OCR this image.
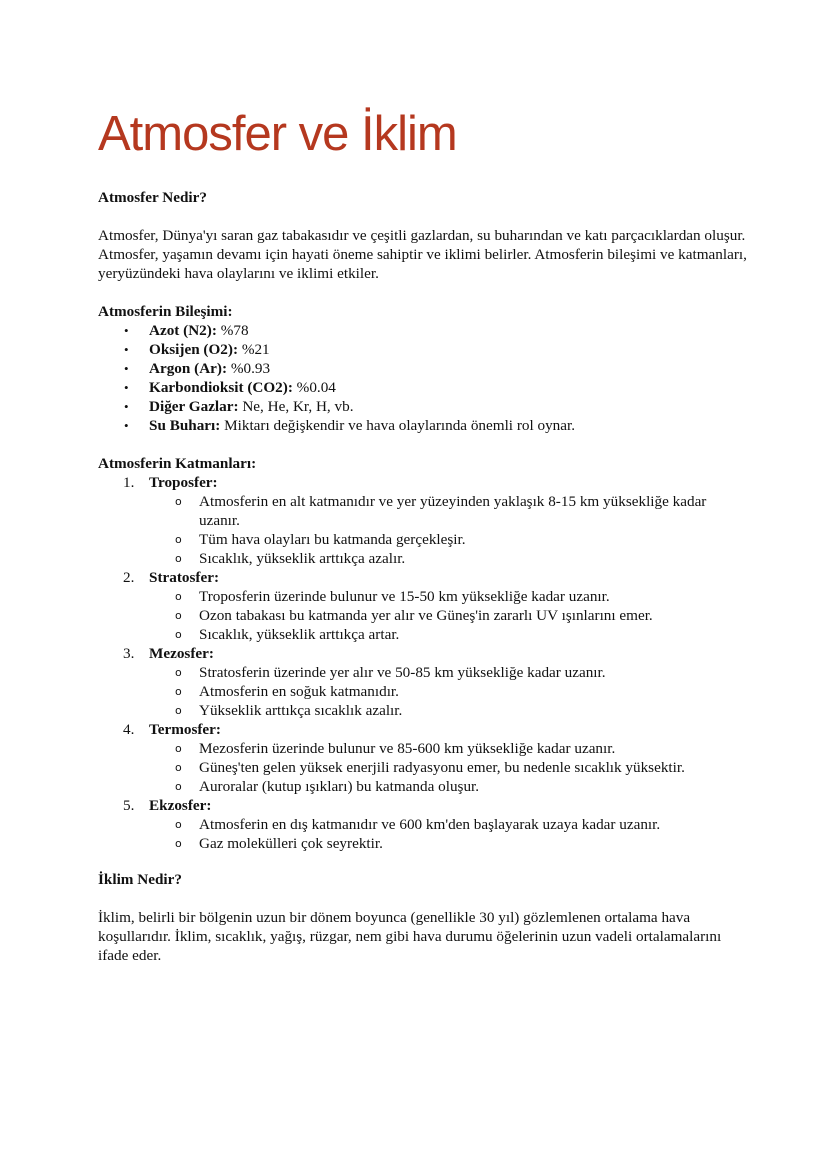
Atmosfer ve İklim

Atmosfer Nedir?

Atmosfer, Dünya'yı saran gaz tabakasıdır ve çeşitli gazlardan, su buharından ve katı parçacıklardan oluşur. Atmosfer, yaşamın devamı için hayati öneme sahiptir ve iklimi belirler. Atmosferin bileşimi ve katmanları, yeryüzündeki hava olaylarını ve iklimi etkiler.

Atmosferin Bileşimi:

• Azot (N2): %78
• Oksijen (O2): %21
• Argon (Ar): %0.93
• Karbondioksit (CO2): %0.04
• Diğer Gazlar: Ne, He, Kr, H, vb.
• Su Buharı: Miktarı değişkendir ve hava olaylarında önemli rol oynar.

Atmosferin Katmanları:

1. Troposfer:
o Atmosferin en alt katmanıdır ve yer yüzeyinden yaklaşık 8-15 km yüksekliğe kadar uzanır.
o Tüm hava olayları bu katmanda gerçekleşir.
o Sıcaklık, yükseklik arttıkça azalır.
2. Stratosfer:
o Troposferin üzerinde bulunur ve 15-50 km yüksekliğe kadar uzanır.
o Ozon tabakası bu katmanda yer alır ve Güneş'in zararlı UV ışınlarını emer.
o Sıcaklık, yükseklik arttıkça artar.
3. Mezosfer:
o Stratosferin üzerinde yer alır ve 50-85 km yüksekliğe kadar uzanır.
o Atmosferin en soğuk katmanıdır.
o Yükseklik arttıkça sıcaklık azalır.
4. Termosfer:
o Mezosferin üzerinde bulunur ve 85-600 km yüksekliğe kadar uzanır.
o Güneş'ten gelen yüksek enerjili radyasyonu emer, bu nedenle sıcaklık yüksektir.
o Auroralar (kutup ışıkları) bu katmanda oluşur.
5. Ekzosfer:
o Atmosferin en dış katmanıdır ve 600 km'den başlayarak uzaya kadar uzanır.
o Gaz molekülleri çok seyrektir.

İklim Nedir?

İklim, belirli bir bölgenin uzun bir dönem boyunca (genellikle 30 yıl) gözlemlenen ortalama hava koşullarıdır. İklim, sıcaklık, yağış, rüzgar, nem gibi hava durumu öğelerinin uzun vadeli ortalamalarını ifade eder.
